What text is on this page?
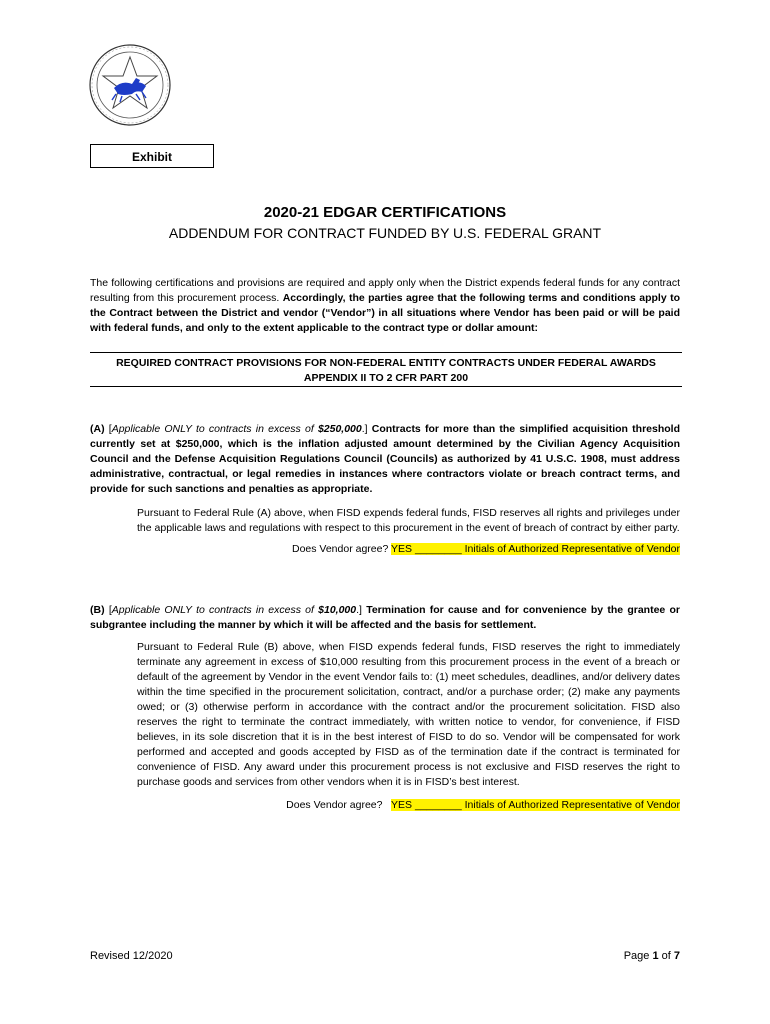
Exhibit
2020-21 EDGAR CERTIFICATIONS
ADDENDUM FOR CONTRACT FUNDED BY U.S. FEDERAL GRANT
The following certifications and provisions are required and apply only when the District expends federal funds for any contract resulting from this procurement process. Accordingly, the parties agree that the following terms and conditions apply to the Contract between the District and vendor (“Vendor”) in all situations where Vendor has been paid or will be paid with federal funds, and only to the extent applicable to the contract type or dollar amount:
REQUIRED CONTRACT PROVISIONS FOR NON-FEDERAL ENTITY CONTRACTS UNDER FEDERAL AWARDS
APPENDIX II TO 2 CFR PART 200
(A) [Applicable ONLY to contracts in excess of $250,000.] Contracts for more than the simplified acquisition threshold currently set at $250,000, which is the inflation adjusted amount determined by the Civilian Agency Acquisition Council and the Defense Acquisition Regulations Council (Councils) as authorized by 41 U.S.C. 1908, must address administrative, contractual, or legal remedies in instances where contractors violate or breach contract terms, and provide for such sanctions and penalties as appropriate.
Pursuant to Federal Rule (A) above, when FISD expends federal funds, FISD reserves all rights and privileges under the applicable laws and regulations with respect to this procurement in the event of breach of contract by either party.
Does Vendor agree? YES ________ Initials of Authorized Representative of Vendor
(B) [Applicable ONLY to contracts in excess of $10,000.] Termination for cause and for convenience by the grantee or subgrantee including the manner by which it will be affected and the basis for settlement.
Pursuant to Federal Rule (B) above, when FISD expends federal funds, FISD reserves the right to immediately terminate any agreement in excess of $10,000 resulting from this procurement process in the event of a breach or default of the agreement by Vendor in the event Vendor fails to: (1) meet schedules, deadlines, and/or delivery dates within the time specified in the procurement solicitation, contract, and/or a purchase order; (2) make any payments owed; or (3) otherwise perform in accordance with the contract and/or the procurement solicitation. FISD also reserves the right to terminate the contract immediately, with written notice to vendor, for convenience, if FISD believes, in its sole discretion that it is in the best interest of FISD to do so. Vendor will be compensated for work performed and accepted and goods accepted by FISD as of the termination date if the contract is terminated for convenience of FISD. Any award under this procurement process is not exclusive and FISD reserves the right to purchase goods and services from other vendors when it is in FISD’s best interest.
Does Vendor agree?   YES ________ Initials of Authorized Representative of Vendor
Revised 12/2020	Page 1 of 7
